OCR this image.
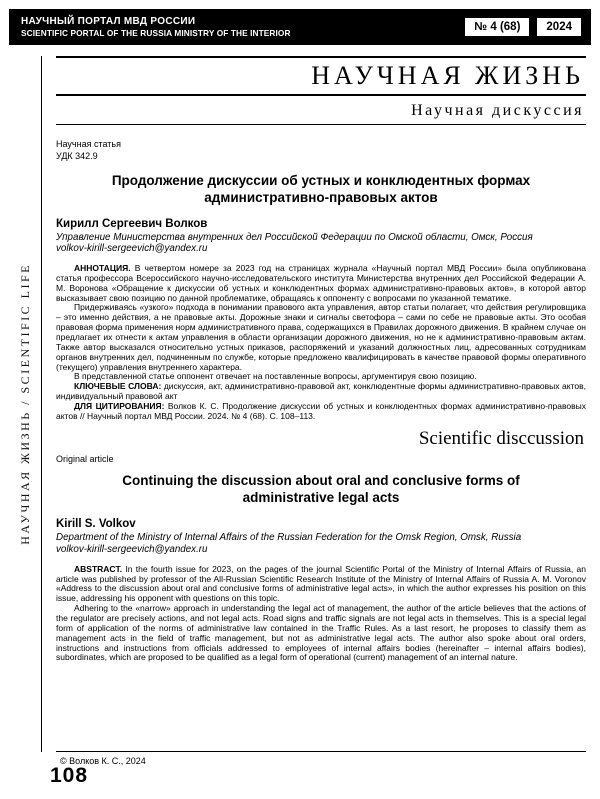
НАУЧНЫЙ ПОРТАЛ МВД РОССИИ
SCIENTIFIC PORTAL OF THE RUSSIA MINISTRY OF THE INTERIOR
№ 4 (68)	2024
НАУЧНАЯ ЖИЗНЬ / SCIENTIFIC LIFE
НАУЧНАЯ ЖИЗНЬ
Научная дискуссия
Научная статья
УДК 342.9
Продолжение дискуссии об устных и конклюдентных формах административно-правовых актов
Кирилл Сергеевич Волков
Управление Министерства внутренних дел Российской Федерации по Омской области, Омск, Россия
volkov-kirill-sergeevich@yandex.ru

АННОТАЦИЯ. В четвертом номере за 2023 год на страницах журнала «Научный портал МВД России» была опубликована статья профессора Всероссийского научно-исследовательского института Министерства внутренних дел Российской Федерации А. М. Воронова «Обращение к дискуссии об устных и конклюдентных формах административно-правовых актов», в которой автор высказывает свою позицию по данной проблематике, обращаясь к оппоненту с вопросами по указанной тематике.

Придерживаясь «узкого» подхода в понимании правового акта управления, автор статьи полагает, что действия регулировщика – это именно действия, а не правовые акты. Дорожные знаки и сигналы светофора – сами по себе не правовые акты. Это особая правовая форма применения норм административного права, содержащихся в Правилах дорожного движения. В крайнем случае он предлагает их отнести к актам управления в области организации дорожного движения, но не к административно-правовым актам. Также автор высказался относительно устных приказов, распоряжений и указаний должностных лиц, адресованных сотрудникам органов внутренних дел, подчиненным по службе, которые предложено квалифицировать в качестве правовой формы оперативного (текущего) управления внутреннего характера.

В представленной статье оппонент отвечает на поставленные вопросы, аргументируя свою позицию.

КЛЮЧЕВЫЕ СЛОВА: дискуссия, акт, административно-правовой акт, конклюдентные формы административно-правовых актов, индивидуальный правовой акт

ДЛЯ ЦИТИРОВАНИЯ: Волков К. С. Продолжение дискуссии об устных и конклюдентных формах административно-правовых актов // Научный портал МВД России. 2024. № 4 (68). С. 108–113.

Scientific disccussion
Original article
Continuing the discussion about oral and conclusive forms of administrative legal acts
Kirill S. Volkov
Department of the Ministry of Internal Affairs of the Russian Federation for the Omsk Region, Omsk, Russia
volkov-kirill-sergeevich@yandex.ru

ABSTRACT. In the fourth issue for 2023, on the pages of the journal Scientific Portal of the Ministry of Internal Affairs of Russia, an article was published by professor of the All-Russian Scientific Research Institute of the Ministry of Internal Affairs of Russia A. M. Voronov «Address to the discussion about oral and conclusive forms of administrative legal acts», in which the author expresses his position on this issue, addressing his opponent with questions on this topic.

Adhering to the «narrow» approach in understanding the legal act of management, the author of the article believes that the actions of the regulator are precisely actions, and not legal acts. Road signs and traffic signals are not legal acts in themselves. This is a special legal form of application of the norms of administrative law contained in the Traffic Rules. As a last resort, he proposes to classify them as management acts in the field of traffic management, but not as administrative legal acts. The author also spoke about oral orders, instructions and instructions from officials addressed to employees of internal affairs bodies (hereinafter – internal affairs bodies), subordinates, which are proposed to be qualified as a legal form of operational (current) management of an internal nature.

© Волков К. С., 2024
108
